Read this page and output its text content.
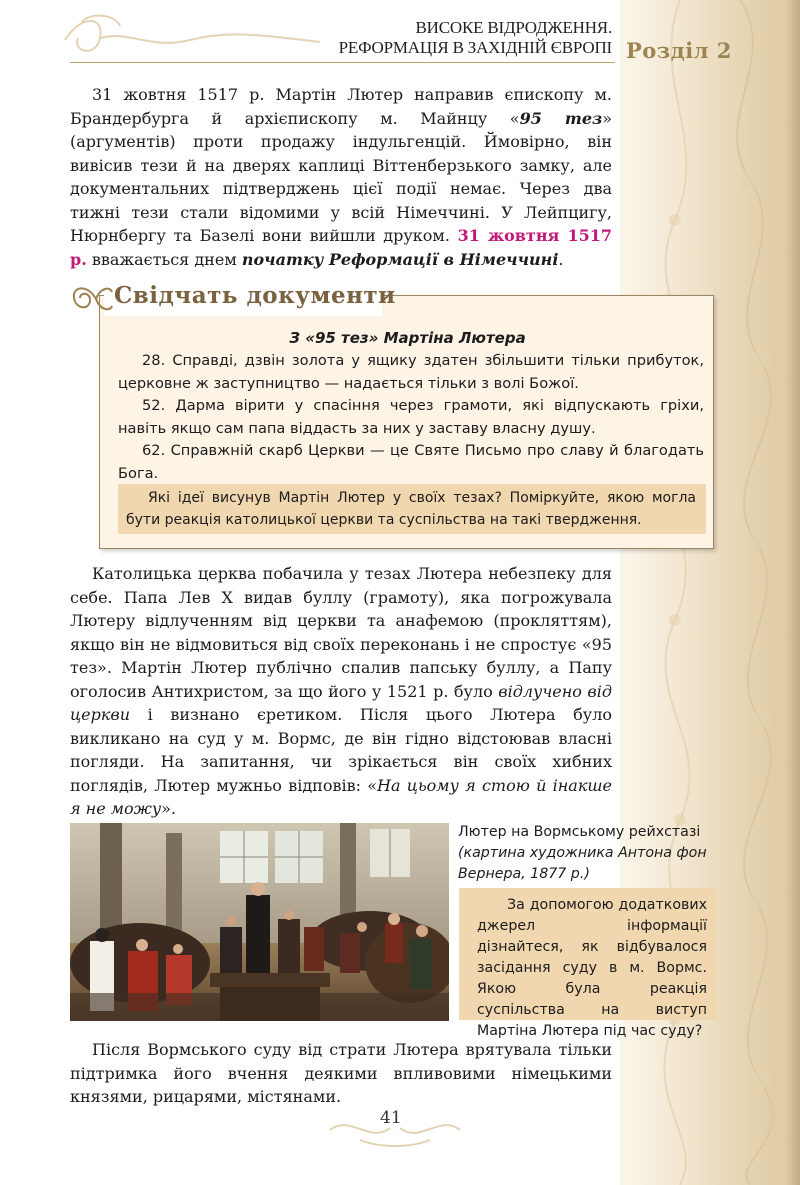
ВИСОКЕ ВІДРОДЖЕННЯ.
РЕФОРМАЦІЯ В ЗАХІДНІЙ ЄВРОПІ Розділ 2

31 жовтня 1517 р. Мартін Лютер направив єпископу м. Брандербурга й архієпископу м. Майнцу «95 тез» (аргументів) проти продажу індульгенцій. Ймовірно, він вивісив тези й на дверях каплиці Віттенберзького замку, але документальних підтверджень цієї події немає. Через два тижні тези стали відомими у всій Німеччині. У Лейпцигу, Нюрнбергу та Базелі вони вийшли друком. 31 жовтня 1517 р. вважається днем початку Реформації в Німеччині.

Свідчать документи
З «95 тез» Мартіна Лютера

28. Справді, дзвін золота у ящику здатен збільшити тільки прибуток, церковне ж заступництво — надається тільки з волі Божої.

52. Дарма вірити у спасіння через грамоти, які відпускають гріхи, навіть якщо сам папа віддасть за них у заставу власну душу.

62. Справжній скарб Церкви — це Святе Письмо про славу й благодать Бога.

Які ідеї висунув Мартін Лютер у своїх тезах? Поміркуйте, якою могла бути реакція католицької церкви та суспільства на такі твердження.

Католицька церква побачила у тезах Лютера небезпеку для себе. Папа Лев X видав буллу (грамоту), яка погрожувала Лютеру відлученням від церкви та анафемою (прокляттям), якщо він не відмовиться від своїх переконань і не спростує «95 тез». Мартін Лютер публічно спалив папську буллу, а Папу оголосив Антихристом, за що його у 1521 р. було відлучено від церкви і визнано єретиком. Після цього Лютера було викликано на суд у м. Вормс, де він гідно відстоював власні погляди. На запитання, чи зрікається він своїх хибних поглядів, Лютер мужньо відповів: «На цьому я стою й інакше я не можу».

Лютер на Вормському рейхстазі
(картина художника Антона фон Вернера, 1877 р.)

За допомогою додаткових джерел інформації дізнайтеся, як відбувалося засідання суду в м. Вормс. Якою була реакція суспільства на виступ Мартіна Лютера під час суду?

Після Вормського суду від страти Лютера врятувала тільки підтримка його вчення деякими впливовими німецькими князями, рицарями, містянами.

41
